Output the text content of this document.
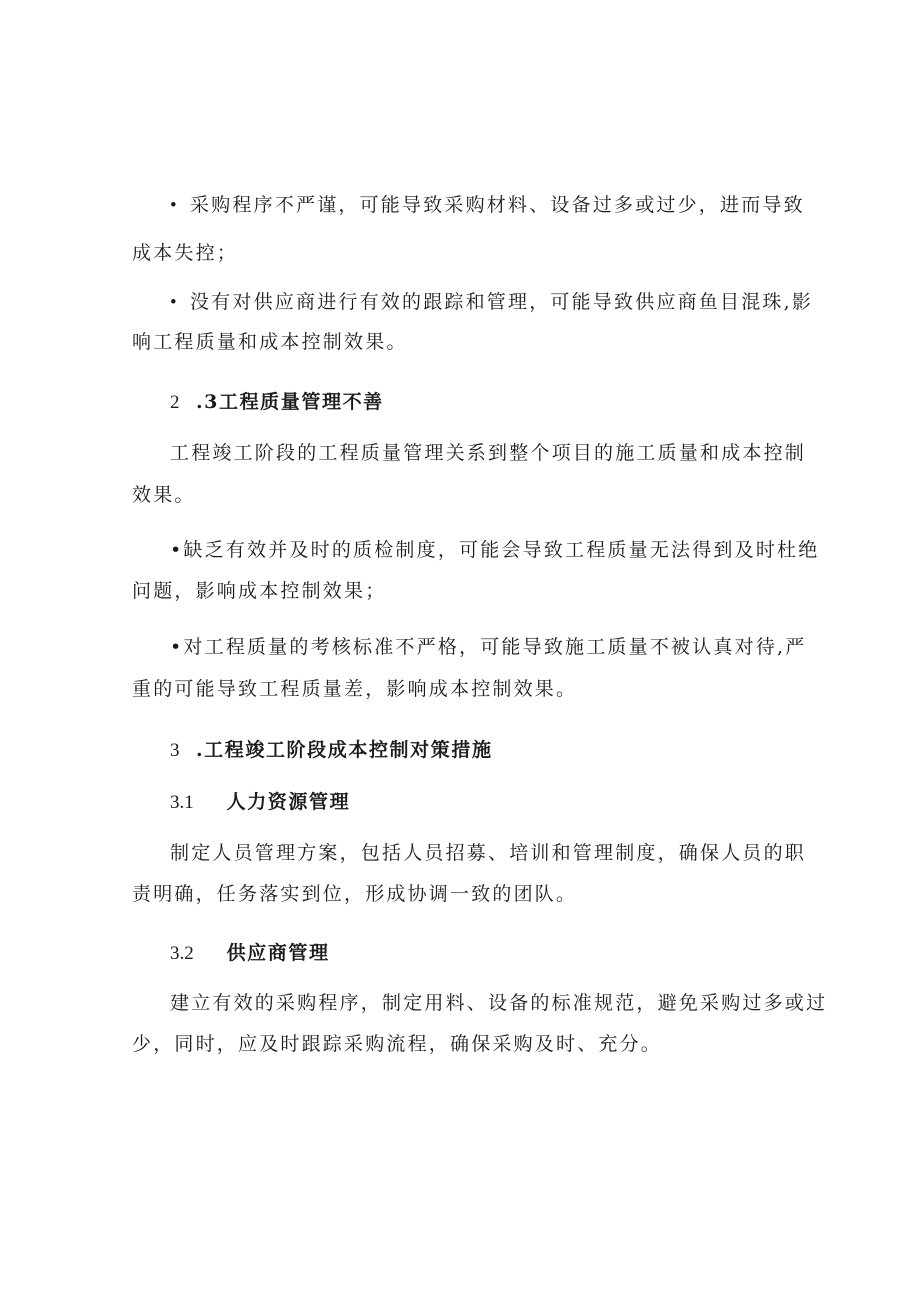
• 采购程序不严谨，可能导致采购材料、设备过多或过少，进而导致
成本失控；
• 没有对供应商进行有效的跟踪和管理，可能导致供应商鱼目混珠,影
响工程质量和成本控制效果。
2 .3工程质量管理不善
工程竣工阶段的工程质量管理关系到整个项目的施工质量和成本控制
效果。
•缺乏有效并及时的质检制度，可能会导致工程质量无法得到及时杜绝
问题，影响成本控制效果；
•对工程质量的考核标准不严格，可能导致施工质量不被认真对待,严
重的可能导致工程质量差，影响成本控制效果。
3 .工程竣工阶段成本控制对策措施
3.1 人力资源管理
制定人员管理方案，包括人员招募、培训和管理制度，确保人员的职
责明确，任务落实到位，形成协调一致的团队。
3.2 供应商管理
建立有效的采购程序，制定用料、设备的标准规范，避免采购过多或过
少，同时，应及时跟踪采购流程，确保采购及时、充分。
